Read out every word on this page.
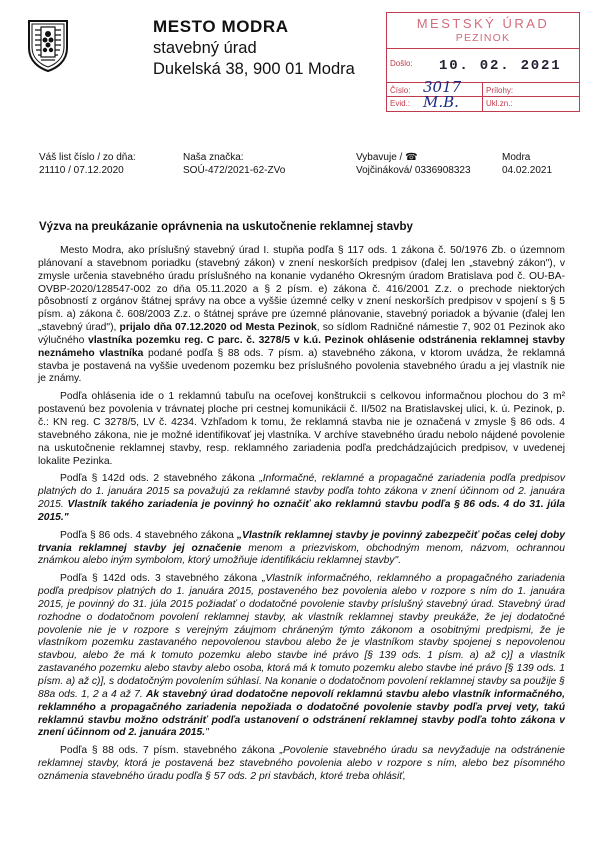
MESTO MODRA
stavebný úrad
Dukelská 38, 900 01 Modra
MESTSKÝ ÚRAD
PEZINOK
Došlo: 10. 02. 2021
Číslo: 3017	Prílohy:
Evid.: M.B.	Ukl.zn.:
Váš list číslo / zo dňa:
21110 / 07.12.2020
Naša značka:
SOÚ-472/2021-62-ZVo
Vybavuje / ☎
Vojčináková/ 0336908323
Modra
04.02.2021
Výzva na preukázanie oprávnenia na uskutočnenie reklamnej stavby

Mesto Modra, ako príslušný stavebný úrad I. stupňa podľa § 117 ods. 1 zákona č. 50/1976 Zb. o územnom plánovaní a stavebnom poriadku (stavebný zákon) v znení neskorších predpisov (ďalej len „stavebný zákon"), v zmysle určenia stavebného úradu príslušného na konanie vydaného Okresným úradom Bratislava pod č. OU-BA-OVBP-2020/128547-002 zo dňa 05.11.2020 a § 2 písm. e) zákona č. 416/2001 Z.z. o prechode niektorých pôsobností z orgánov štátnej správy na obce a vyššie územné celky v znení neskorších predpisov v spojení s § 5 písm. a) zákona č. 608/2003 Z.z. o štátnej správe pre územné plánovanie, stavebný poriadok a bývanie (ďalej len „stavebný úrad"), prijalo dňa 07.12.2020 od Mesta Pezinok, so sídlom Radničné námestie 7, 902 01 Pezinok ako výlučného vlastníka pozemku reg. C parc. č. 3278/5 v k.ú. Pezinok ohlásenie odstránenia reklamnej stavby neznámeho vlastníka podané podľa § 88 ods. 7 písm. a) stavebného zákona, v ktorom uvádza, že reklamná stavba je postavená na vyššie uvedenom pozemku bez príslušného povolenia stavebného úradu a jej vlastník nie je známy.

Podľa ohlásenia ide o 1 reklamnú tabuľu na oceľovej konštrukcii s celkovou informačnou plochou do 3 m² postavenú bez povolenia v trávnatej ploche pri cestnej komunikácii č. II/502 na Bratislavskej ulici, k. ú. Pezinok, p. č.: KN reg. C 3278/5, LV č. 4234. Vzhľadom k tomu, že reklamná stavba nie je označená v zmysle § 86 ods. 4 stavebného zákona, nie je možné identifikovať jej vlastníka. V archíve stavebného úradu nebolo nájdené povolenie na uskutočnenie reklamnej stavby, resp. reklamného zariadenia podľa predchádzajúcich predpisov, v uvedenej lokalite Pezinka.

Podľa § 142d ods. 2 stavebného zákona „Informačné, reklamné a propagačné zariadenia podľa predpisov platných do 1. januára 2015 sa považujú za reklamné stavby podľa tohto zákona v znení účinnom od 2. januára 2015. Vlastník takého zariadenia je povinný ho označiť ako reklamnú stavbu podľa § 86 ods. 4 do 31. júla 2015."

Podľa § 86 ods. 4 stavebného zákona „Vlastník reklamnej stavby je povinný zabezpečiť počas celej doby trvania reklamnej stavby jej označenie menom a priezviskom, obchodným menom, názvom, ochrannou známkou alebo iným symbolom, ktorý umožňuje identifikáciu reklamnej stavby".

Podľa § 142d ods. 3 stavebného zákona „Vlastník informačného, reklamného a propagačného zariadenia podľa predpisov platných do 1. januára 2015, postaveného bez povolenia alebo v rozpore s ním do 1. januára 2015, je povinný do 31. júla 2015 požiadať o dodatočné povolenie stavby príslušný stavebný úrad. Stavebný úrad rozhodne o dodatočnom povolení reklamnej stavby, ak vlastník reklamnej stavby preukáže, že jej dodatočné povolenie nie je v rozpore s verejným záujmom chráneným týmto zákonom a osobitnými predpismi, že je vlastníkom pozemku zastavaného nepovolenou stavbou alebo že je vlastníkom stavby spojenej s nepovolenou stavbou, alebo že má k tomuto pozemku alebo stavbe iné právo [§ 139 ods. 1 písm. a) až c)] a vlastník zastavaného pozemku alebo stavby alebo osoba, ktorá má k tomuto pozemku alebo stavbe iné právo [§ 139 ods. 1 písm. a) až c)], s dodatočným povolením súhlasí. Na konanie o dodatočnom povolení reklamnej stavby sa použije § 88a ods. 1, 2 a 4 až 7. Ak stavebný úrad dodatočne nepovolí reklamnú stavbu alebo vlastník informačného, reklamného a propagačného zariadenia nepožiada o dodatočné povolenie stavby podľa prvej vety, takú reklamnú stavbu možno odstrániť podľa ustanovení o odstránení reklamnej stavby podľa tohto zákona v znení účinnom od 2. januára 2015."

Podľa § 88 ods. 7 písm. stavebného zákona „Povolenie stavebného úradu sa nevyžaduje na odstránenie reklamnej stavby, ktorá je postavená bez stavebného povolenia alebo v rozpore s ním, alebo bez písomného oznámenia stavebného úradu podľa § 57 ods. 2 pri stavbách, ktoré treba ohlásiť,
